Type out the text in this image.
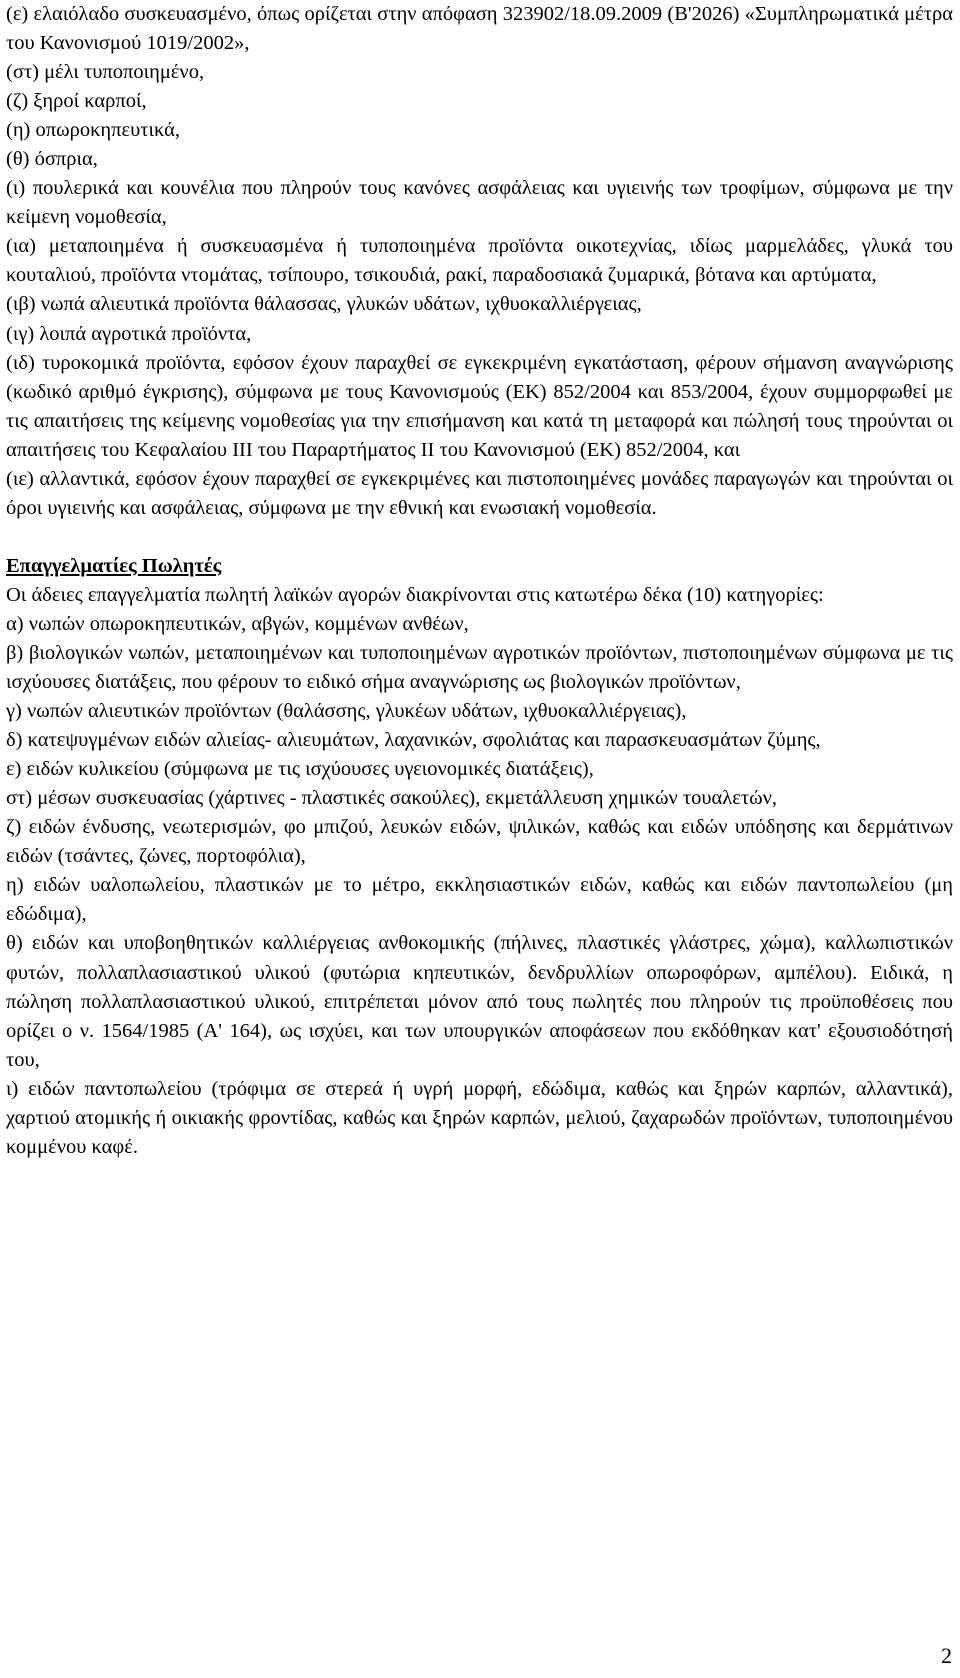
(ε) ελαιόλαδο συσκευασμένο, όπως ορίζεται στην απόφαση 323902/18.09.2009 (Β'2026) «Συμπληρωματικά μέτρα του Κανονισμού 1019/2002»,

(στ) μέλι τυποποιημένο,

(ζ) ξηροί καρποί,

(η) οπωροκηπευτικά,

(θ) όσπρια,

(ι) πουλερικά και κουνέλια που πληρούν τους κανόνες ασφάλειας και υγιεινής των τροφίμων, σύμφωνα με την κείμενη νομοθεσία,

(ια) μεταποιημένα ή συσκευασμένα ή τυποποιημένα προϊόντα οικοτεχνίας, ιδίως μαρμελάδες, γλυκά του κουταλιού, προϊόντα ντομάτας, τσίπουρο, τσικουδιά, ρακί, παραδοσιακά ζυμαρικά, βότανα και αρτύματα,

(ιβ) νωπά αλιευτικά προϊόντα θάλασσας, γλυκών υδάτων, ιχθυοκαλλιέργειας,

(ιγ) λοιπά αγροτικά προϊόντα,

(ιδ) τυροκομικά προϊόντα, εφόσον έχουν παραχθεί σε εγκεκριμένη εγκατάσταση, φέρουν σήμανση αναγνώρισης (κωδικό αριθμό έγκρισης), σύμφωνα με τους Κανονισμούς (ΕΚ) 852/2004 και 853/2004, έχουν συμμορφωθεί με τις απαιτήσεις της κείμενης νομοθεσίας για την επισήμανση και κατά τη μεταφορά και πώλησή τους τηρούνται οι απαιτήσεις του Κεφαλαίου ΙΙΙ του Παραρτήματος ΙΙ του Κανονισμού (ΕΚ) 852/2004, και

(ιε) αλλαντικά, εφόσον έχουν παραχθεί σε εγκεκριμένες και πιστοποιημένες μονάδες παραγωγών και τηρούνται οι όροι υγιεινής και ασφάλειας, σύμφωνα με την εθνική και ενωσιακή νομοθεσία.

Επαγγελματίες Πωλητές

Οι άδειες επαγγελματία πωλητή λαϊκών αγορών διακρίνονται στις κατωτέρω δέκα (10) κατηγορίες:

α) νωπών οπωροκηπευτικών, αβγών, κομμένων ανθέων,

β) βιολογικών νωπών, μεταποιημένων και τυποποιημένων αγροτικών προϊόντων, πιστοποιημένων σύμφωνα με τις ισχύουσες διατάξεις, που φέρουν το ειδικό σήμα αναγνώρισης ως βιολογικών προϊόντων,

γ) νωπών αλιευτικών προϊόντων (θαλάσσης, γλυκέων υδάτων, ιχθυοκαλλιέργειας),

δ) κατεψυγμένων ειδών αλιείας- αλιευμάτων, λαχανικών, σφολιάτας και παρασκευασμάτων ζύμης,

ε) ειδών κυλικείου (σύμφωνα με τις ισχύουσες υγειονομικές διατάξεις),

στ) μέσων συσκευασίας (χάρτινες - πλαστικές σακούλες), εκμετάλλευση χημικών τουαλετών,

ζ) ειδών ένδυσης, νεωτερισμών, φο μπιζού, λευκών ειδών, ψιλικών, καθώς και ειδών υπόδησης και δερμάτινων ειδών (τσάντες, ζώνες, πορτοφόλια),

η) ειδών υαλοπωλείου, πλαστικών με το μέτρο, εκκλησιαστικών ειδών, καθώς και ειδών παντοπωλείου (μη εδώδιμα),

θ) ειδών και υποβοηθητικών καλλιέργειας ανθοκομικής (πήλινες, πλαστικές γλάστρες, χώμα), καλλωπιστικών φυτών, πολλαπλασιαστικού υλικού (φυτώρια κηπευτικών, δενδρυλλίων οπωροφόρων, αμπέλου). Ειδικά, η πώληση πολλαπλασιαστικού υλικού, επιτρέπεται μόνον από τους πωλητές που πληρούν τις προϋποθέσεις που ορίζει ο ν. 1564/1985 (Α' 164), ως ισχύει, και των υπουργικών αποφάσεων που εκδόθηκαν κατ' εξουσιοδότησή του,

ι) ειδών παντοπωλείου (τρόφιμα σε στερεά ή υγρή μορφή, εδώδιμα, καθώς και ξηρών καρπών, αλλαντικά), χαρτιού ατομικής ή οικιακής φροντίδας, καθώς και ξηρών καρπών, μελιού, ζαχαρωδών προϊόντων, τυποποιημένου κομμένου καφέ.

2
